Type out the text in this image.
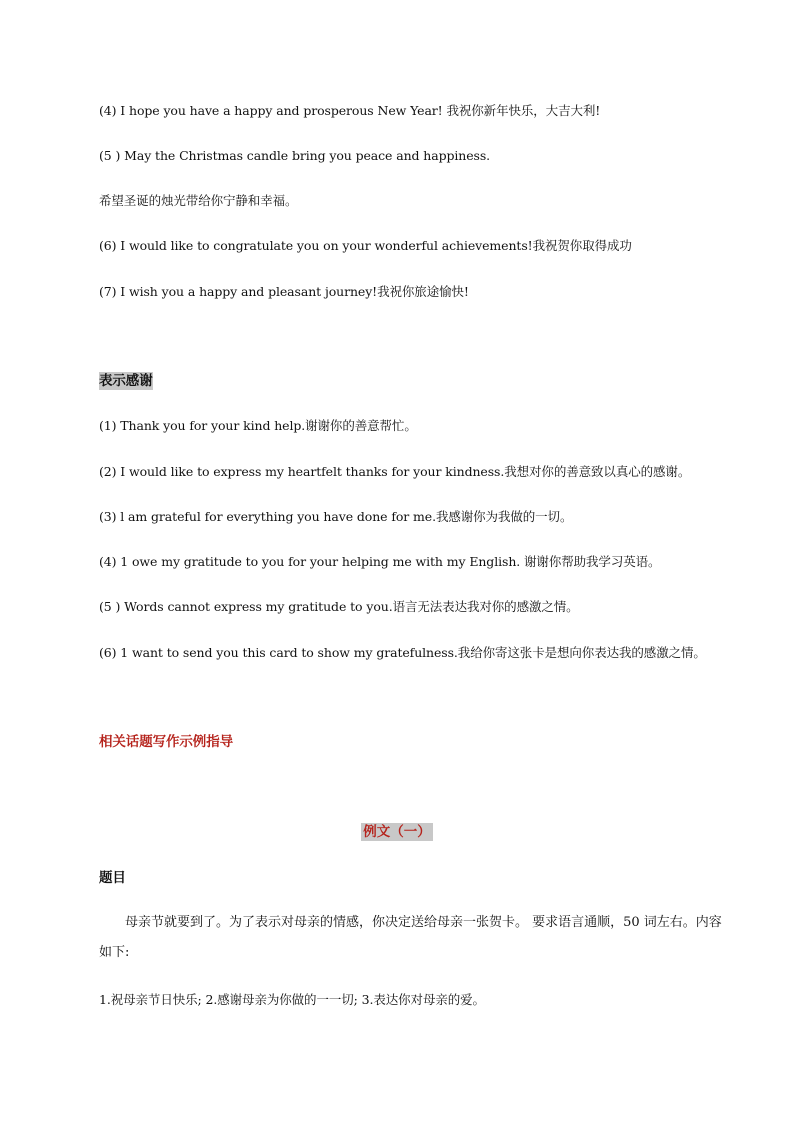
(4) I hope you have a happy and prosperous New Year! 我祝你新年快乐，大吉大利!
(5 ) May the Christmas candle bring you peace and happiness.
希望圣诞的烛光带给你宁静和幸福。
(6) I would like to congratulate you on your wonderful achievements!我祝贺你取得成功
(7) I wish you a happy and pleasant journey!我祝你旅途愉快!
表示感谢
(1) Thank you for your kind help.谢谢你的善意帮忙。
(2) I would like to express my heartfelt thanks for your kindness.我想对你的善意致以真心的感谢。
(3) l am grateful for everything you have done for me.我感谢你为我做的一切。
(4) 1 owe my gratitude to you for your helping me with my English. 谢谢你帮助我学习英语。
(5 ) Words cannot express my gratitude to you.语言无法表达我对你的感激之情。
(6) 1 want to send you this card to show my gratefulness.我给你寄这张卡是想向你表达我的感激之情。
相关话题写作示例指导
例文（一）
题目
母亲节就要到了。为了表示对母亲的情感，你决定送给母亲一张贺卡。 要求语言通顺，50 词左右。内容如下:
1.祝母亲节日快乐; 2.感谢母亲为你做的一一切; 3.表达你对母亲的爱。
